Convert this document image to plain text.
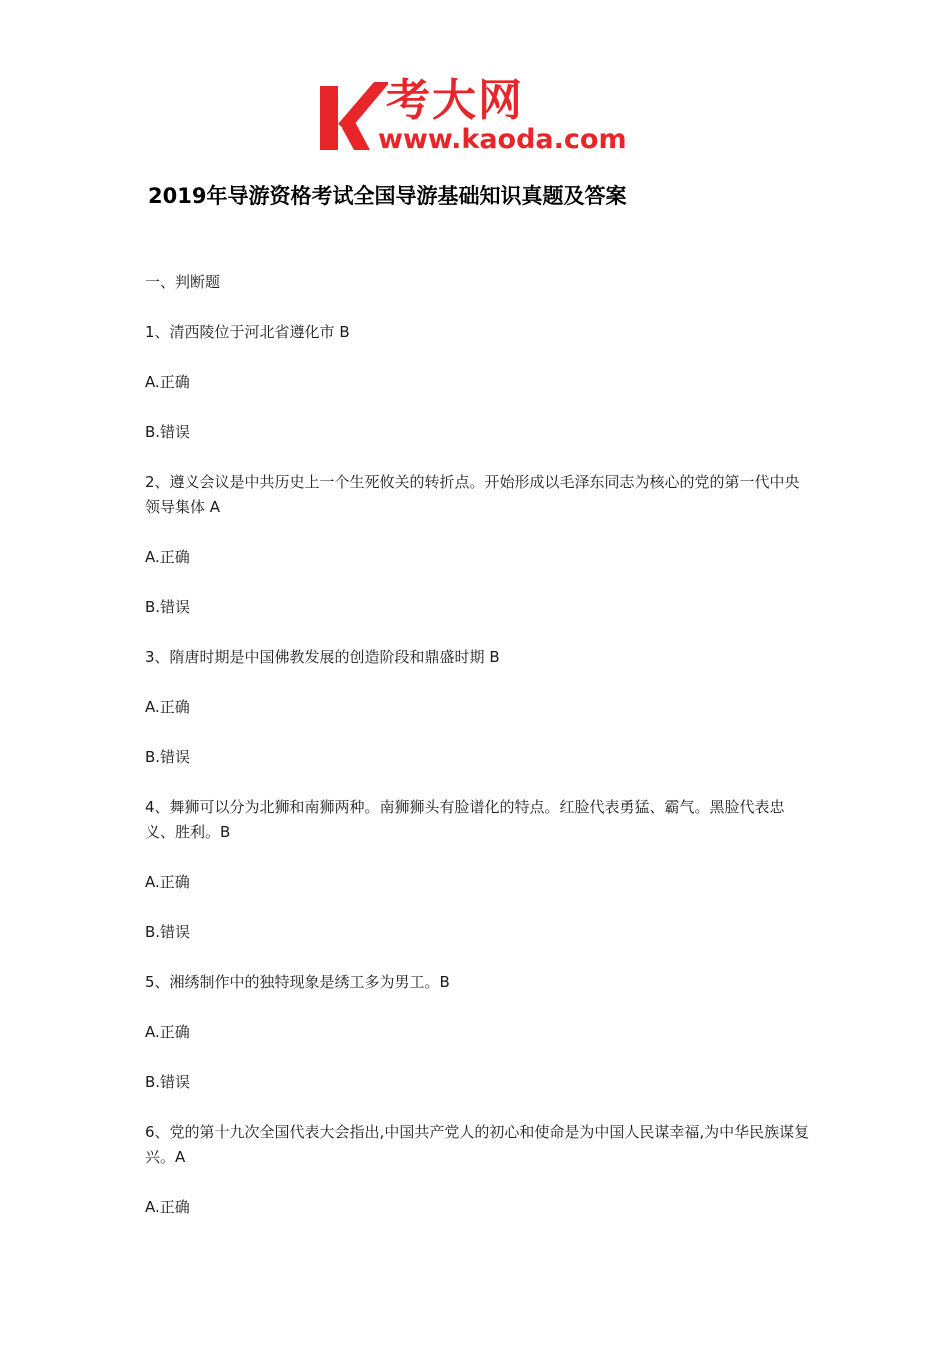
考大网
www.kaoda.com
2019年导游资格考试全国导游基础知识真题及答案
一、判断题
1、清西陵位于河北省遵化市 B
A.正确
B.错误
2、遵义会议是中共历史上一个生死攸关的转折点。开始形成以毛泽东同志为核心的党的第一代中央领导集体 A
A.正确
B.错误
3、隋唐时期是中国佛教发展的创造阶段和鼎盛时期 B
A.正确
B.错误
4、舞狮可以分为北狮和南狮两种。南狮狮头有脸谱化的特点。红脸代表勇猛、霸气。黑脸代表忠义、胜利。B
A.正确
B.错误
5、湘绣制作中的独特现象是绣工多为男工。B
A.正确
B.错误
6、党的第十九次全国代表大会指出,中国共产党人的初心和使命是为中国人民谋幸福,为中华民族谋复兴。A
A.正确
